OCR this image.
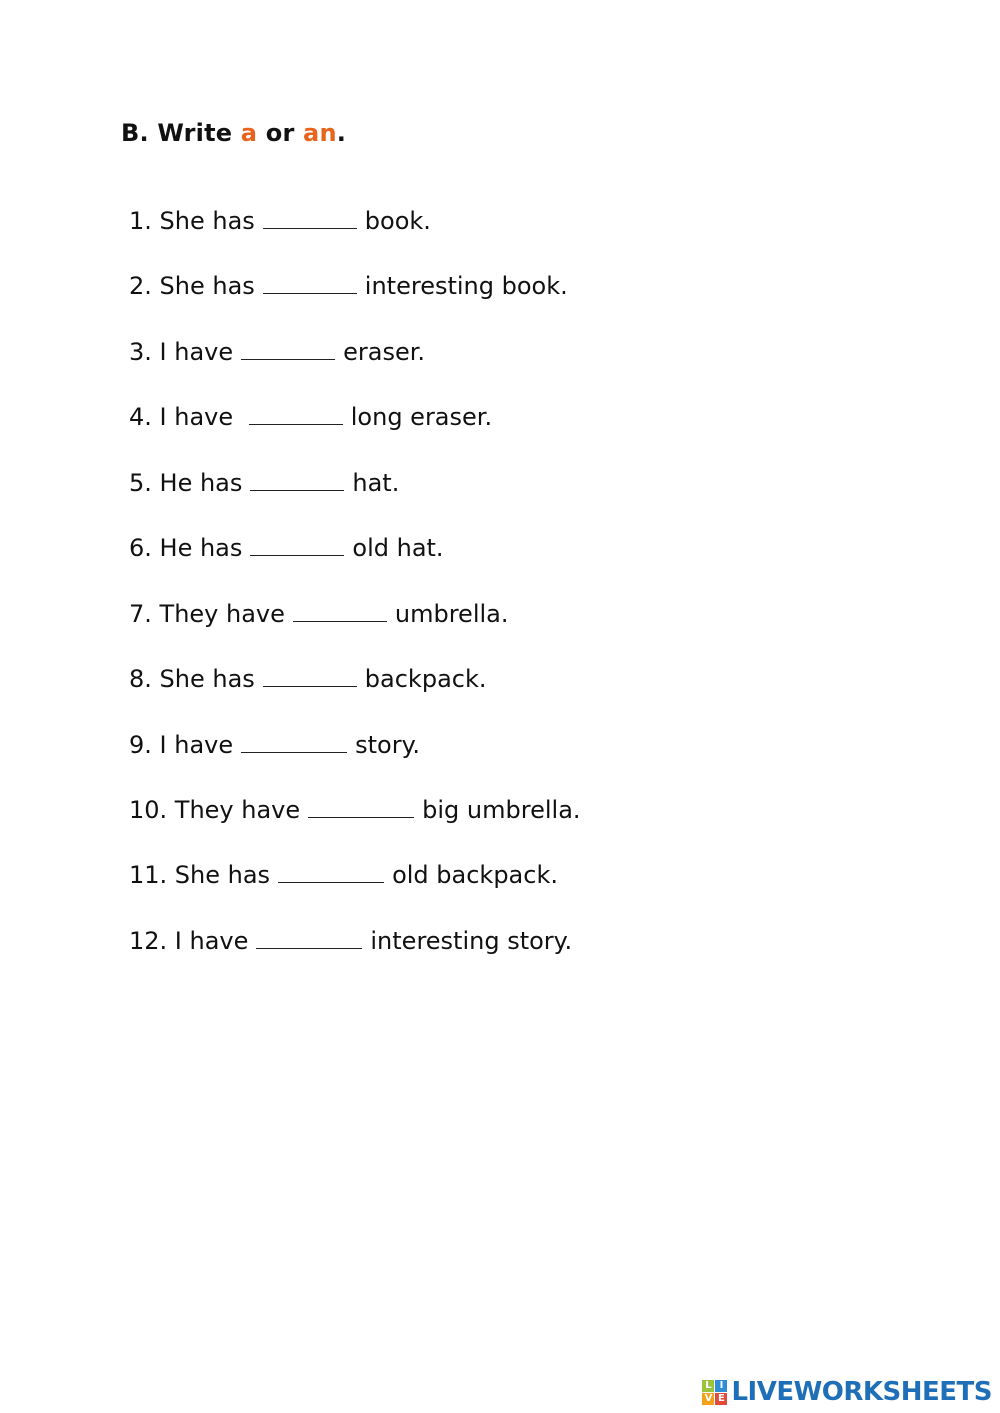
B. Write a or an.
1. She has	book.
2. She has	interesting book.
3. I have	eraser.
4. I have	long eraser.
5. He has	hat.
6. He has	old hat.
7. They have	umbrella.
8. She has	backpack.
9. I have	story.
10. They have	big umbrella.
11. She has	old backpack.
12. I have	interesting story.
L I
V E LIVEWORKSHEETS
